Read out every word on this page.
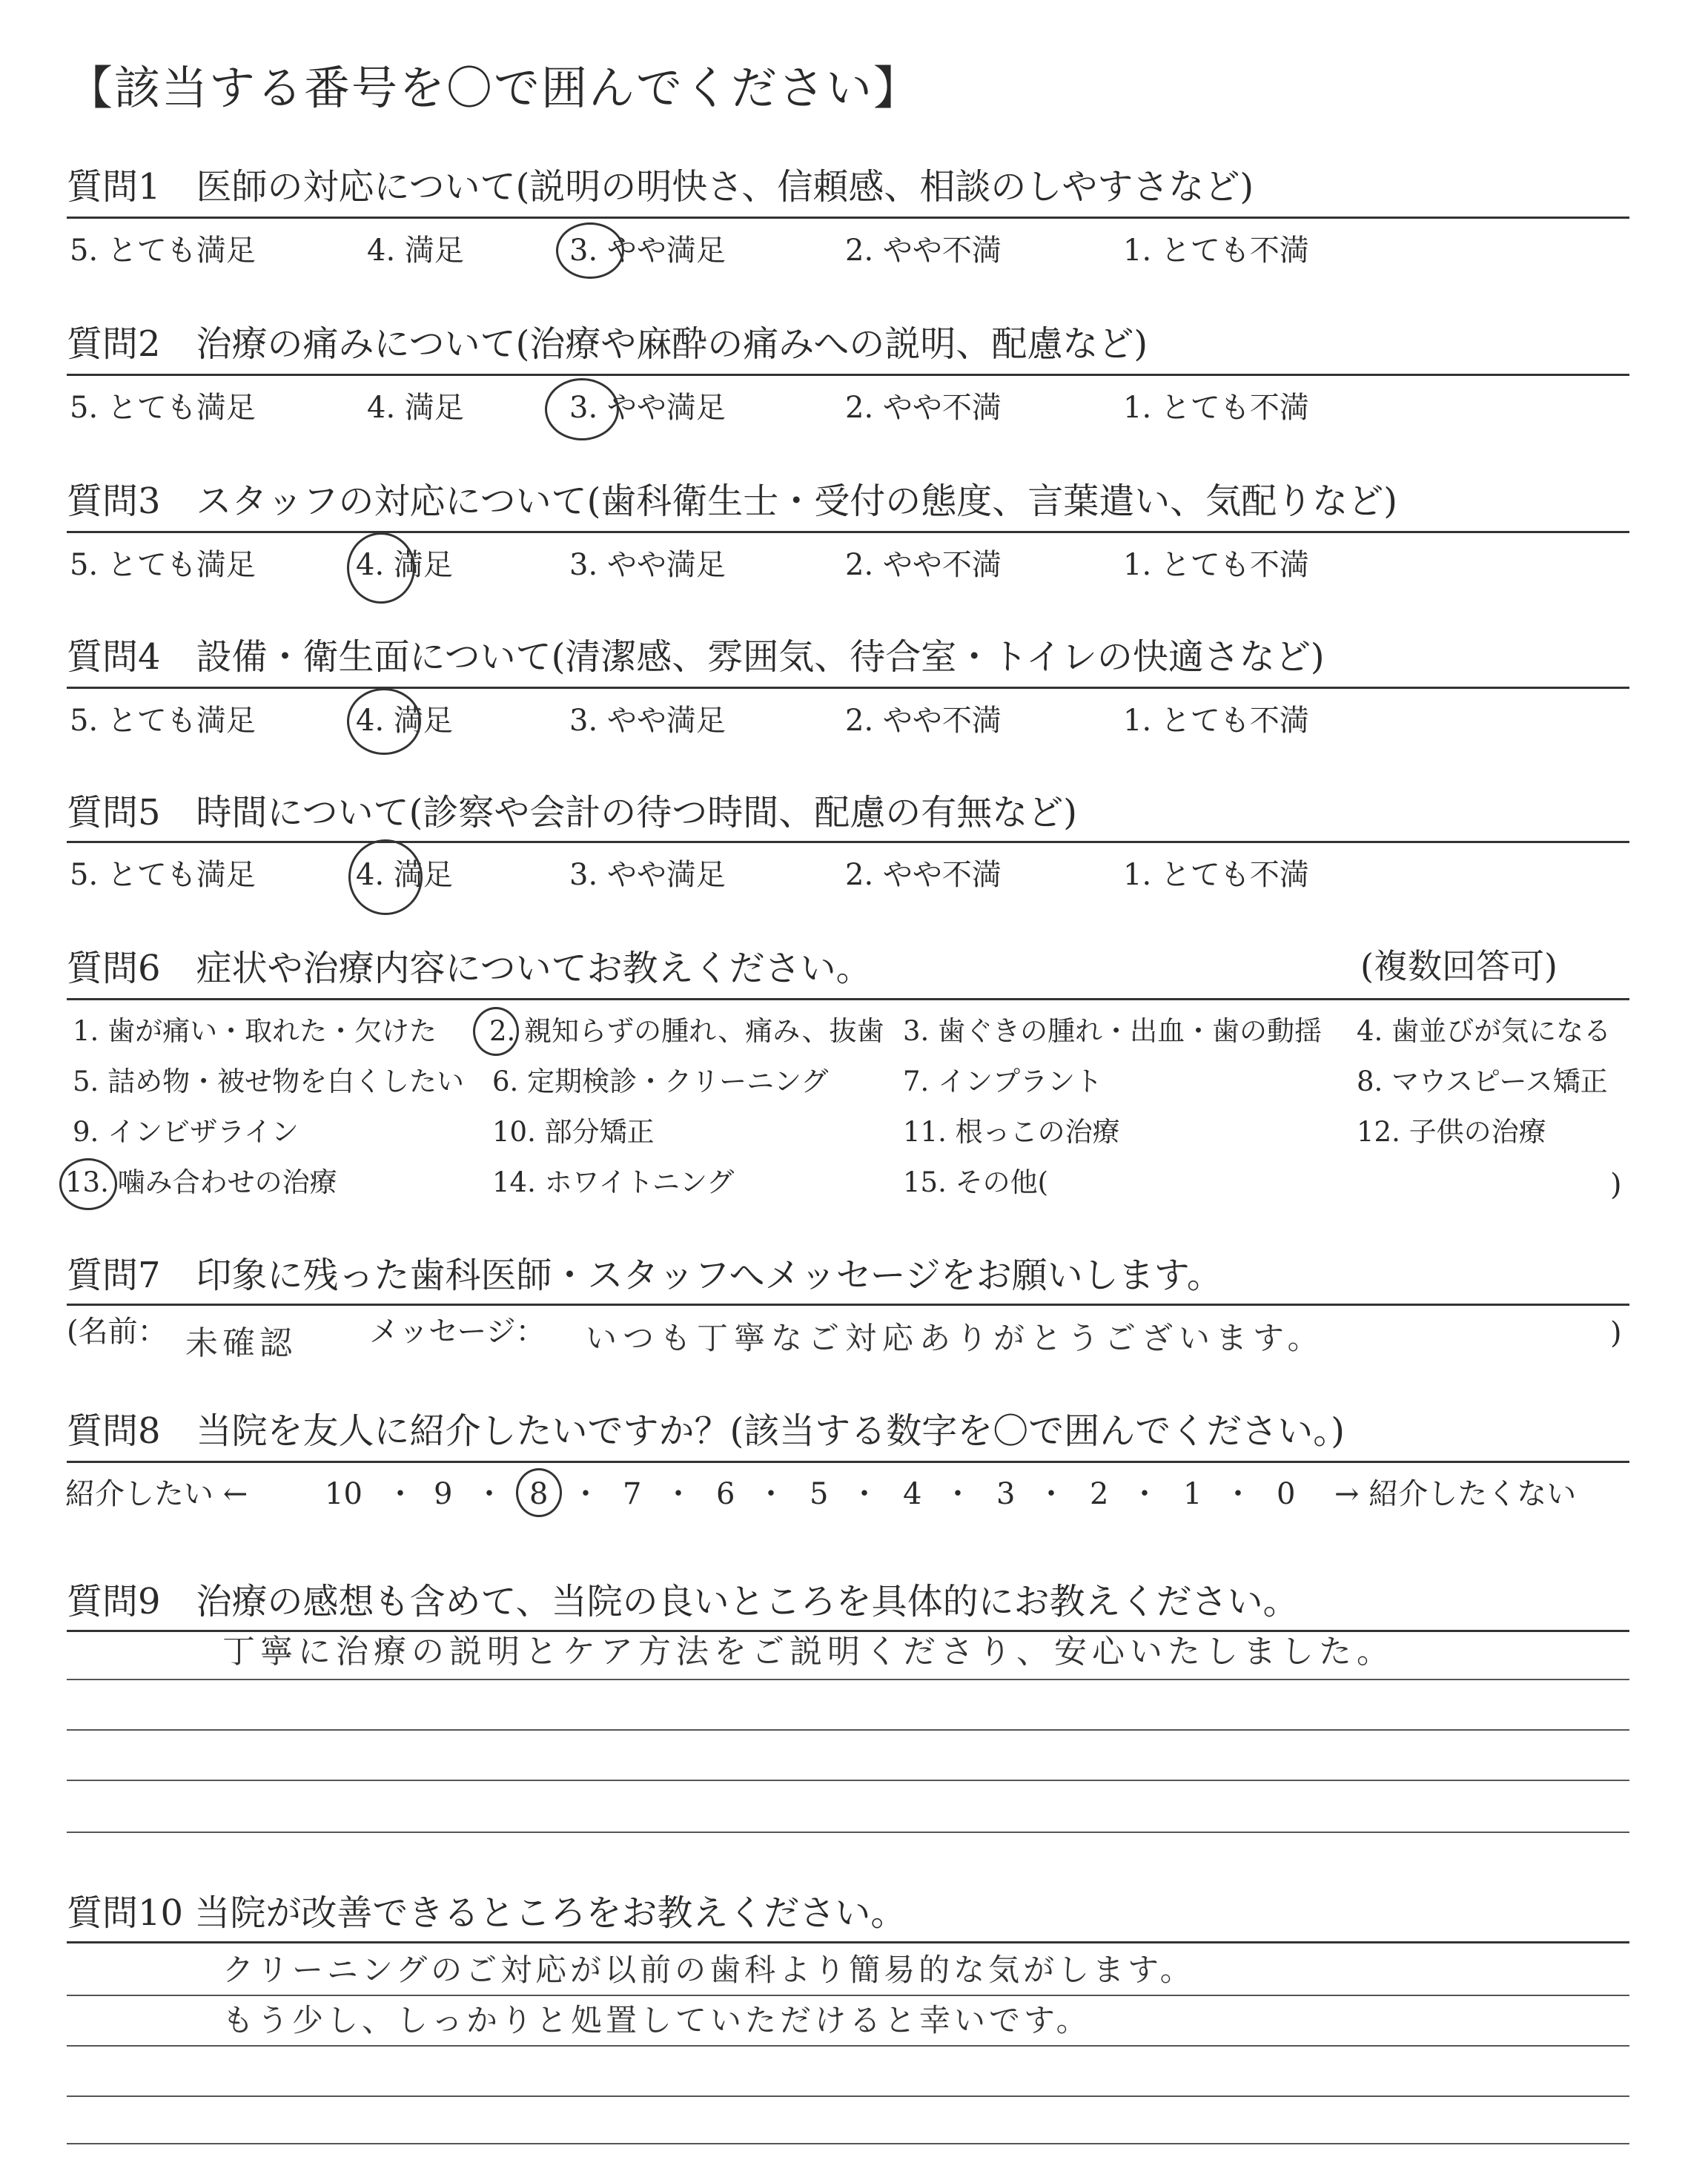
【該当する番号を〇で囲んでください】
質問1　医師の対応について(説明の明快さ、信頼感、相談のしやすさなど)
5. とても満足	4. 満足	3. やや満足	2. やや不満	1. とても不満
質問2　治療の痛みについて(治療や麻酔の痛みへの説明、配慮など)
5. とても満足	4. 満足	3. やや満足	2. やや不満	1. とても不満
質問3　スタッフの対応について(歯科衛生士・受付の態度、言葉遣い、気配りなど)
5. とても満足	4. 満足	3. やや満足	2. やや不満	1. とても不満
質問4　設備・衛生面について(清潔感、雰囲気、待合室・トイレの快適さなど)
5. とても満足	4. 満足	3. やや満足	2. やや不満	1. とても不満
質問5　時間について(診察や会計の待つ時間、配慮の有無など)
5. とても満足	4. 満足	3. やや満足	2. やや不満	1. とても不満
質問6　症状や治療内容についてお教えください。	(複数回答可)
1. 歯が痛い・取れた・欠けた 2. 親知らずの腫れ、痛み、抜歯 3. 歯ぐきの腫れ・出血・歯の動揺 4. 歯並びが気になる
5. 詰め物・被せ物を白くしたい 6. 定期検診・クリーニング	7. インプラント	8. マウスピース矯正
9. インビザライン	10. 部分矯正	11. 根っこの治療	12. 子供の治療
13. 噛み合わせの治療	14. ホワイトニング	15. その他(	)
質問7　印象に残った歯科医師・スタッフへメッセージをお願いします。
(名前： 未確認 メッセージ： いつも丁寧なご対応ありがとうございます。	)
質問8　当院を友人に紹介したいですか？(該当する数字を〇で囲んでください。)
紹介したい ←	10 ・ 9 ・ 8 ・ 7 ・ 6 ・ 5 ・ 4 ・ 3 ・ 2 ・ 1 ・ 0 → 紹介したくない
質問9　治療の感想も含めて、当院の良いところを具体的にお教えください。
丁寧に治療の説明とケア方法をご説明くださり、安心いたしました。
質問10 当院が改善できるところをお教えください。
クリーニングのご対応が以前の歯科より簡易的な気がします。
もう少し、しっかりと処置していただけると幸いです。
